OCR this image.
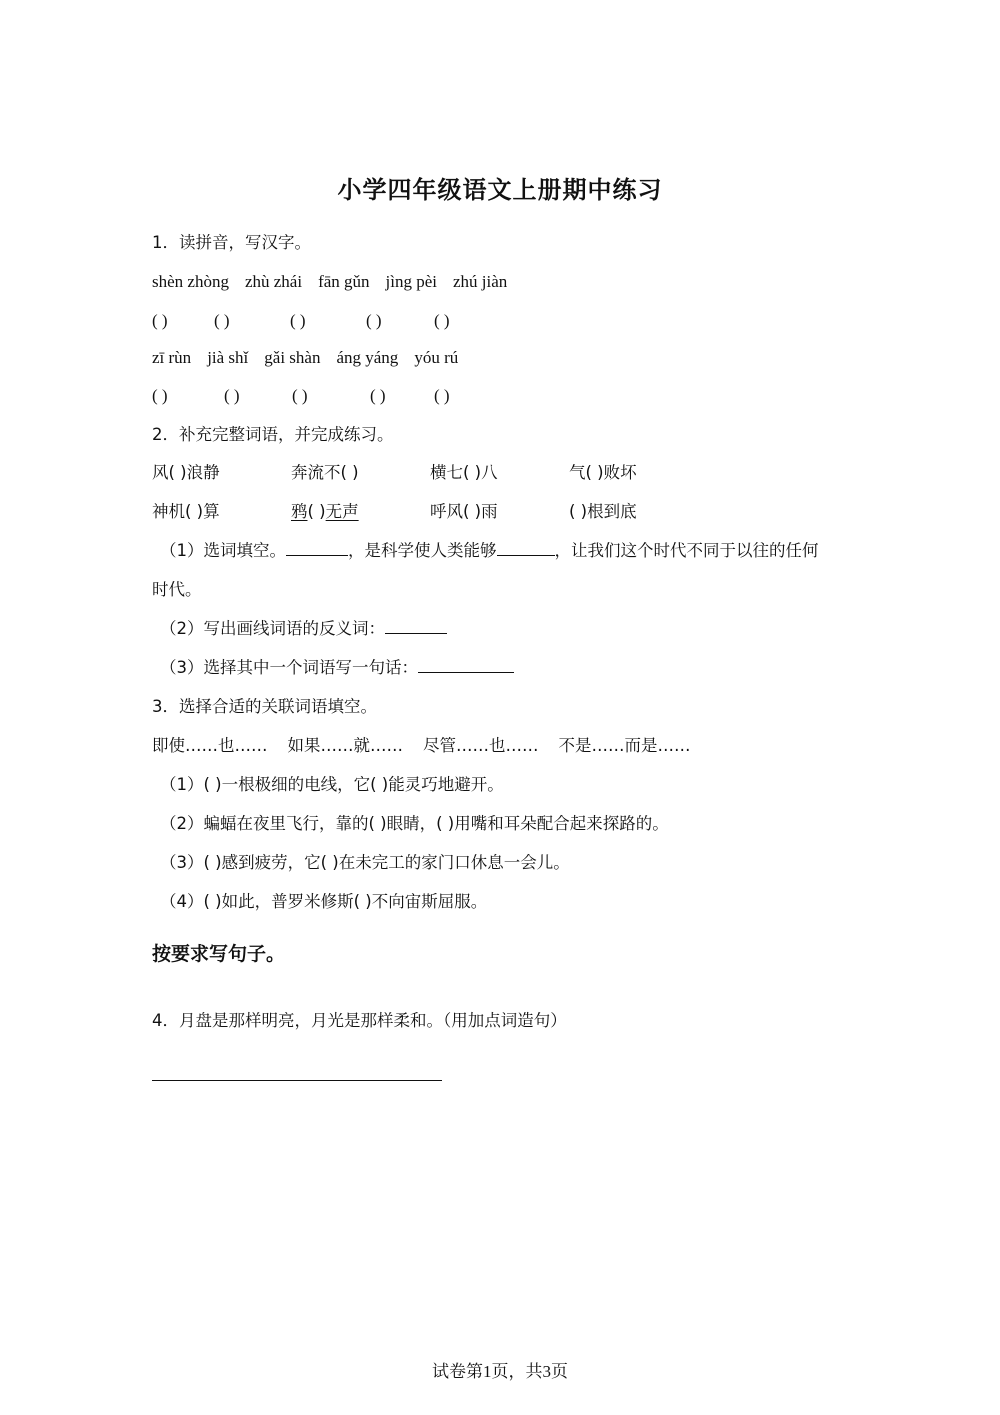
小学四年级语文上册期中练习
1．读拼音，写汉字。
shèn zhòng zhù zhái fān gǔn jìng pèi zhú jiàn
( )	( )	( )	( )	( )
zī rùn jià shǐ gǎi shàn áng yáng yóu rú
( )	( )	( )	( )	( )
2．补充完整词语，并完成练习。
风( )浪静	奔流不( )	横七( )八	气( )败坏
神机( )算	鸦( )无声	呼风( )雨	( )根到底
（1）选词填空。	，是科学使人类能够	，让我们这个时代不同于以往的任何
时代。
（2）写出画线词语的反义词：
（3）选择其中一个词语写一句话：
3．选择合适的关联词语填空。
即使……也…… 如果……就…… 尽管……也…… 不是……而是……
（1）( )一根极细的电线，它( )能灵巧地避开。
（2）蝙蝠在夜里飞行，靠的( )眼睛，( )用嘴和耳朵配合起来探路的。
（3）( )感到疲劳，它( )在未完工的家门口休息一会儿。
（4）( )如此，普罗米修斯( )不向宙斯屈服。
按要求写句子。
4．月盘是那样明亮，月光是那样柔和。（用加点词造句）
试卷第1页，共3页
